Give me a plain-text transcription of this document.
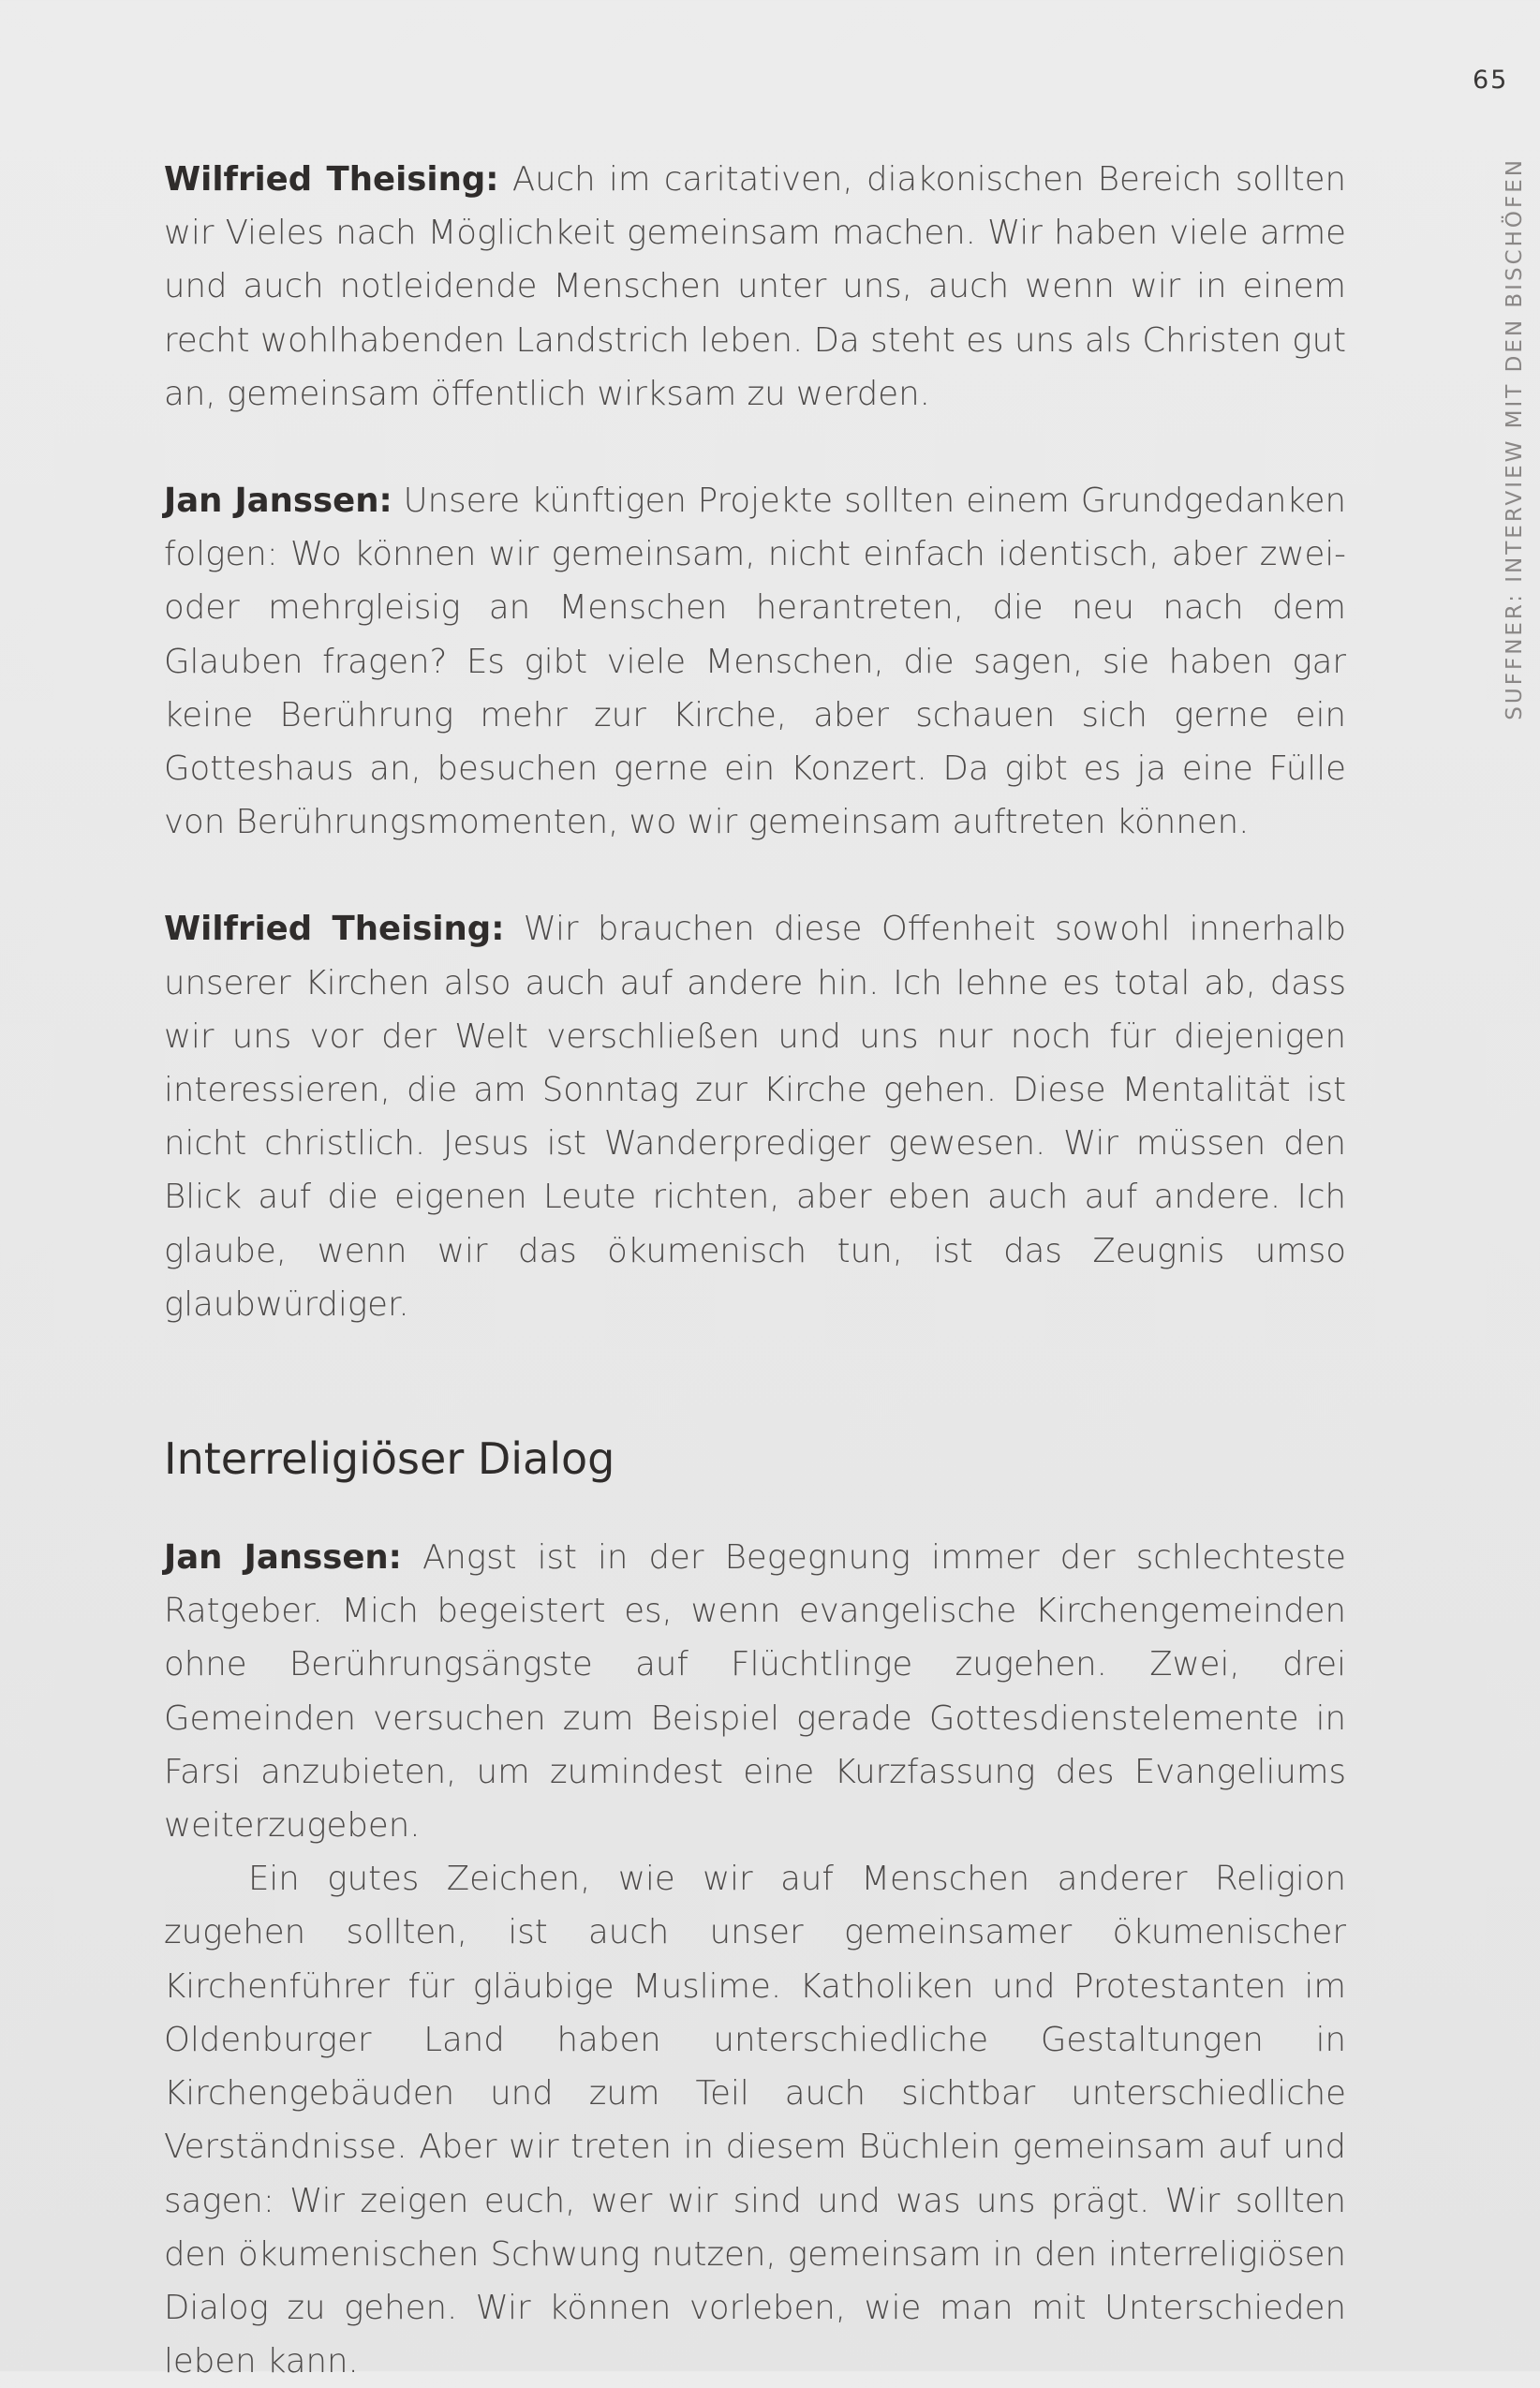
65
SUFFNER: INTERVIEW MIT DEN BISCHÖFEN

Wilfried Theising: Auch im caritativen, diakonischen Bereich sollten wir Vieles nach Möglichkeit gemeinsam machen. Wir haben viele arme und auch notleidende Menschen unter uns, auch wenn wir in einem recht wohlhabenden Landstrich leben. Da steht es uns als Christen gut an, gemeinsam öffentlich wirksam zu werden.

Jan Janssen: Unsere künftigen Projekte sollten einem Grundgedanken folgen: Wo können wir gemeinsam, nicht einfach identisch, aber zwei- oder mehrgleisig an Menschen herantreten, die neu nach dem Glauben fragen? Es gibt viele Menschen, die sagen, sie haben gar keine Berührung mehr zur Kirche, aber schauen sich gerne ein Gotteshaus an, besuchen gerne ein Konzert. Da gibt es ja eine Fülle von Berührungsmomenten, wo wir gemeinsam auftreten können.

Wilfried Theising: Wir brauchen diese Offenheit sowohl innerhalb unserer Kirchen also auch auf andere hin. Ich lehne es total ab, dass wir uns vor der Welt verschließen und uns nur noch für diejenigen interessieren, die am Sonntag zur Kirche gehen. Diese Mentalität ist nicht christlich. Jesus ist Wanderprediger gewesen. Wir müssen den Blick auf die eigenen Leute richten, aber eben auch auf andere. Ich glaube, wenn wir das ökumenisch tun, ist das Zeugnis umso glaubwürdiger.

Interreligiöser Dialog

Jan Janssen: Angst ist in der Begegnung immer der schlechteste Ratgeber. Mich begeistert es, wenn evangelische Kirchengemeinden ohne Berührungsängste auf Flüchtlinge zugehen. Zwei, drei Gemeinden versuchen zum Beispiel gerade Gottesdienstelemente in Farsi anzubieten, um zumindest eine Kurzfassung des Evangeliums weiterzugeben.

Ein gutes Zeichen, wie wir auf Menschen anderer Religion zugehen sollten, ist auch unser gemeinsamer ökumenischer Kirchenführer für gläubige Muslime. Katholiken und Protestanten im Oldenburger Land haben unterschiedliche Gestaltungen in Kirchengebäuden und zum Teil auch sichtbar unterschiedliche Verständnisse. Aber wir treten in diesem Büchlein gemeinsam auf und sagen: Wir zeigen euch, wer wir sind und was uns prägt. Wir sollten den ökumenischen Schwung nutzen, gemeinsam in den interreligiösen Dialog zu gehen. Wir können vorleben, wie man mit Unterschieden leben kann.
